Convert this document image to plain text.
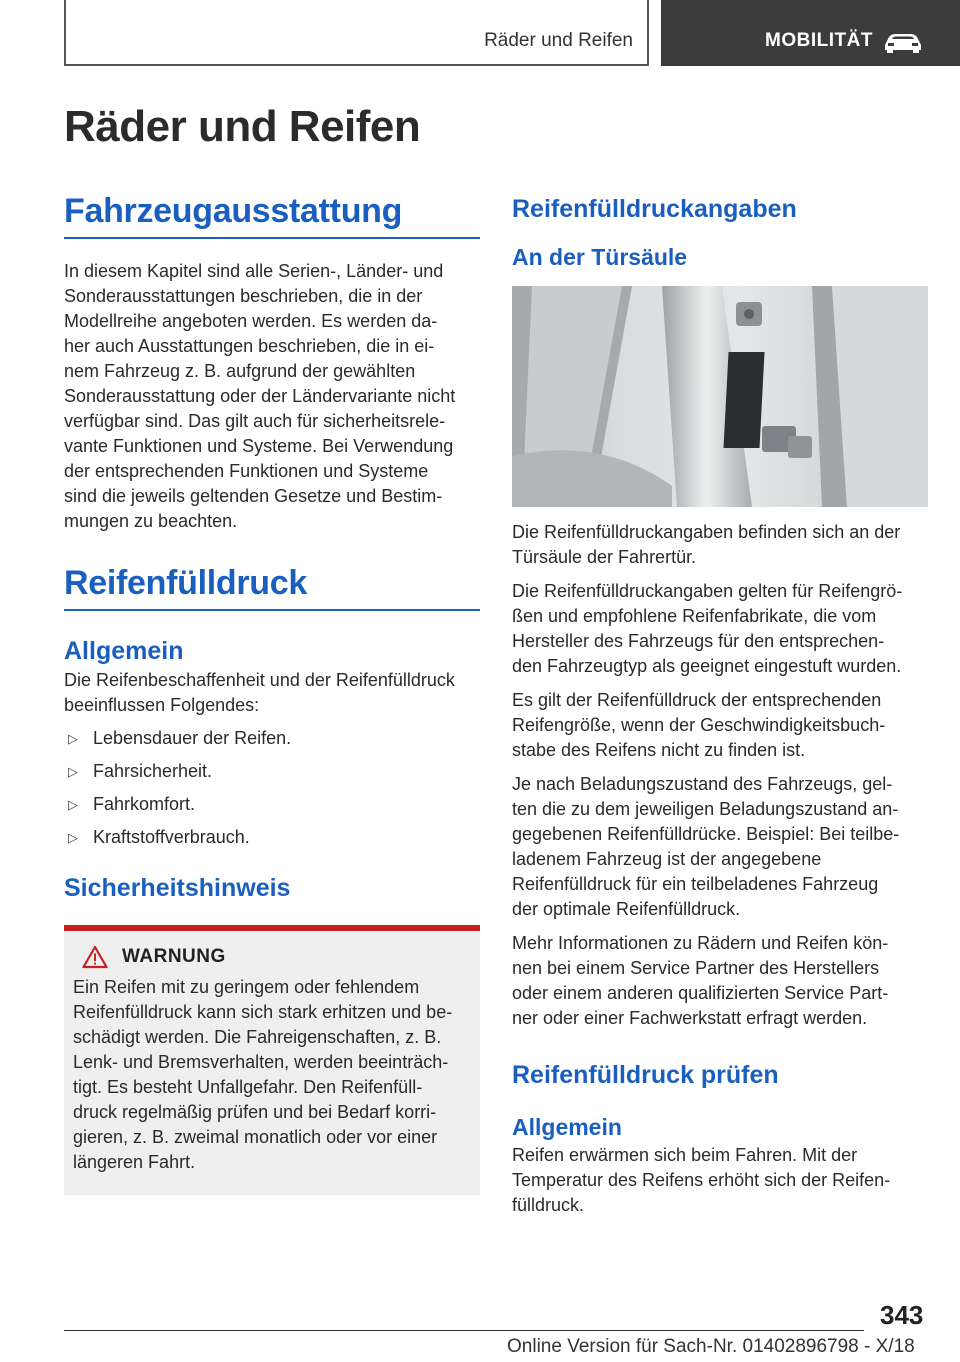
Räder und Reifen	MOBILITÄT
Räder und Reifen
Fahrzeugausstattung
In diesem Kapitel sind alle Serien-, Länder- und
Sonderausstattungen beschrieben, die in der
Modellreihe angeboten werden. Es werden da-
her auch Ausstattungen beschrieben, die in ei-
nem Fahrzeug z. B. aufgrund der gewählten
Sonderausstattung oder der Ländervariante nicht
verfügbar sind. Das gilt auch für sicherheitsrele-
vante Funktionen und Systeme. Bei Verwendung
der entsprechenden Funktionen und Systeme
sind die jeweils geltenden Gesetze und Bestim-
mungen zu beachten.
Reifenfülldruck
Allgemein
Die Reifenbeschaffenheit und der Reifenfülldruck
beeinflussen Folgendes:
▷ Lebensdauer der Reifen.
▷ Fahrsicherheit.
▷ Fahrkomfort.
▷ Kraftstoffverbrauch.
Sicherheitshinweis
WARNUNG
Ein Reifen mit zu geringem oder fehlendem
Reifenfülldruck kann sich stark erhitzen und be-
schädigt werden. Die Fahreigenschaften, z. B.
Lenk- und Bremsverhalten, werden beeinträch-
tigt. Es besteht Unfallgefahr. Den Reifenfüll-
druck regelmäßig prüfen und bei Bedarf korri-
gieren, z. B. zweimal monatlich oder vor einer
längeren Fahrt.
Reifenfülldruckangaben
An der Türsäule
Die Reifenfülldruckangaben befinden sich an der
Türsäule der Fahrertür.
Die Reifenfülldruckangaben gelten für Reifengrö-
ßen und empfohlene Reifenfabrikate, die vom
Hersteller des Fahrzeugs für den entsprechen-
den Fahrzeugtyp als geeignet eingestuft wurden.
Es gilt der Reifenfülldruck der entsprechenden
Reifengröße, wenn der Geschwindigkeitsbuch-
stabe des Reifens nicht zu finden ist.
Je nach Beladungszustand des Fahrzeugs, gel-
ten die zu dem jeweiligen Beladungszustand an-
gegebenen Reifenfülldrücke. Beispiel: Bei teilbe-
ladenem Fahrzeug ist der angegebene
Reifenfülldruck für ein teilbeladenes Fahrzeug
der optimale Reifenfülldruck.
Mehr Informationen zu Rädern und Reifen kön-
nen bei einem Service Partner des Herstellers
oder einem anderen qualifizierten Service Part-
ner oder einer Fachwerkstatt erfragt werden.
Reifenfülldruck prüfen
Allgemein
Reifen erwärmen sich beim Fahren. Mit der
Temperatur des Reifens erhöht sich der Reifen-
fülldruck.
343
Online Version für Sach-Nr. 01402896798 - X/18
